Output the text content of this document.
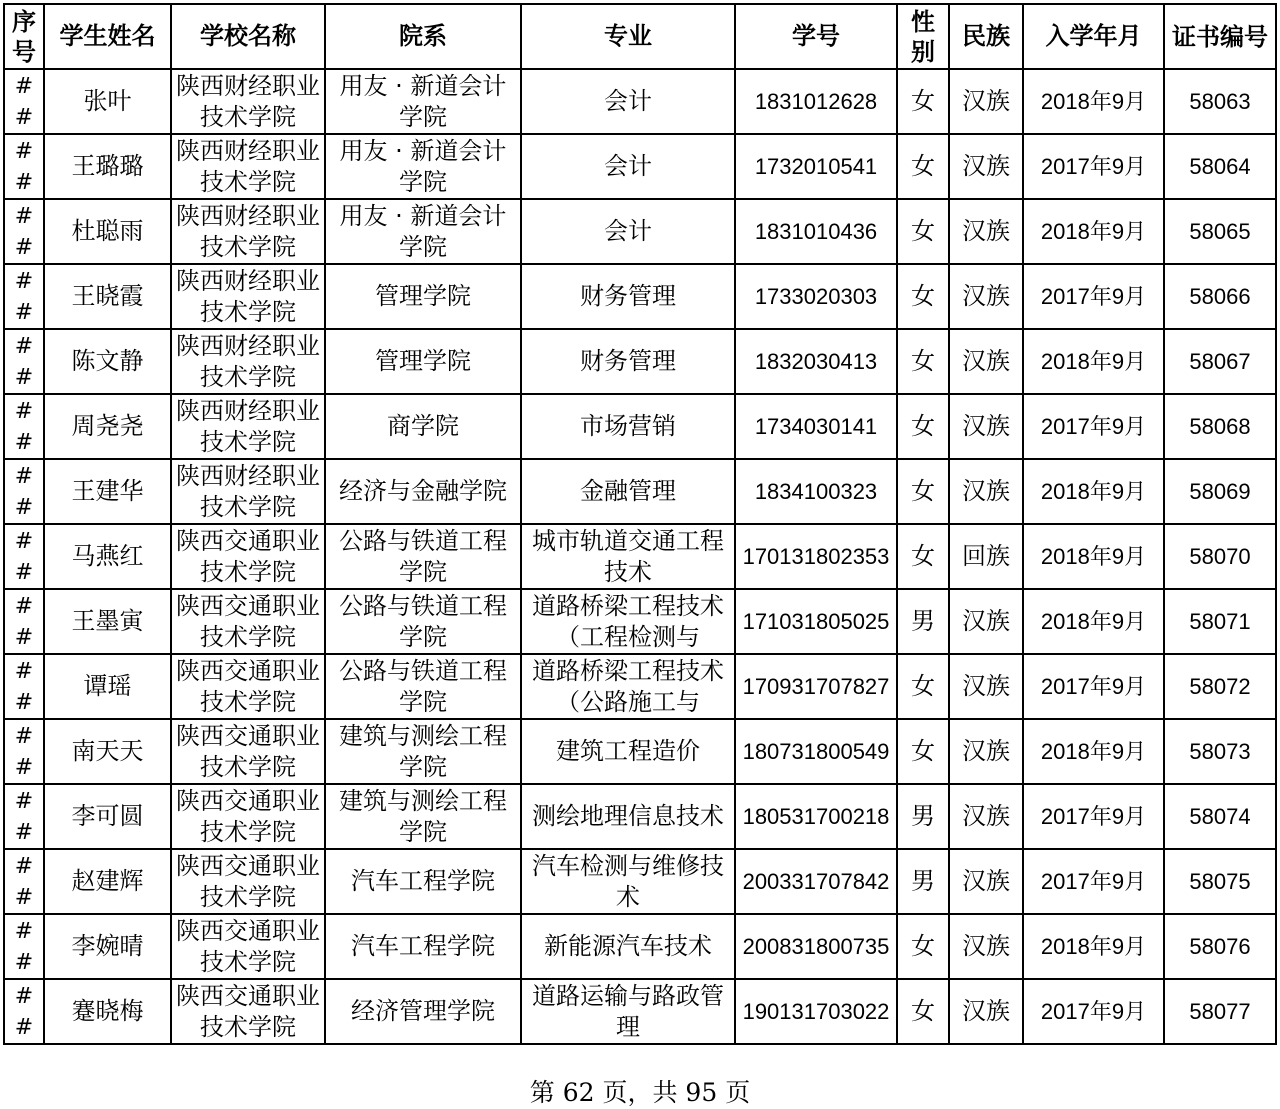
序号	学生姓名	学校名称	院系	专业	学号	性别	民族	入学年月	证书编号

##	张叶	陕西财经职业技术学院	用友 · 新道会计学院	会计	1831012628	女	汉族	2018年9月	58063

##	王璐璐	陕西财经职业技术学院	用友 · 新道会计学院	会计	1732010541	女	汉族	2017年9月	58064

##	杜聪雨	陕西财经职业技术学院	用友 · 新道会计学院	会计	1831010436	女	汉族	2018年9月	58065

##	王晓霞	陕西财经职业技术学院	管理学院	财务管理	1733020303	女	汉族	2017年9月	58066

##	陈文静	陕西财经职业技术学院	管理学院	财务管理	1832030413	女	汉族	2018年9月	58067

##	周尧尧	陕西财经职业技术学院	商学院	市场营销	1734030141	女	汉族	2017年9月	58068

##	王建华	陕西财经职业技术学院	经济与金融学院	金融管理	1834100323	女	汉族	2018年9月	58069

##	马燕红	陕西交通职业技术学院	公路与铁道工程学院	城市轨道交通工程技术	170131802353	女	回族	2018年9月	58070

##	王墨寅	陕西交通职业技术学院	公路与铁道工程学院	道路桥梁工程技术（工程检测与	171031805025	男	汉族	2018年9月	58071

##	谭瑶	陕西交通职业技术学院	公路与铁道工程学院	道路桥梁工程技术（公路施工与	170931707827	女	汉族	2017年9月	58072

##	南天天	陕西交通职业技术学院	建筑与测绘工程学院	建筑工程造价	180731800549	女	汉族	2018年9月	58073

##	李可圆	陕西交通职业技术学院	建筑与测绘工程学院	测绘地理信息技术	180531700218	男	汉族	2017年9月	58074

##	赵建辉	陕西交通职业技术学院	汽车工程学院	汽车检测与维修技术	200331707842	男	汉族	2017年9月	58075

##	李婉晴	陕西交通职业技术学院	汽车工程学院	新能源汽车技术	200831800735	女	汉族	2018年9月	58076

##	蹇晓梅	陕西交通职业技术学院	经济管理学院	道路运输与路政管理	190131703022	女	汉族	2017年9月	58077
第 62 页，共 95 页
